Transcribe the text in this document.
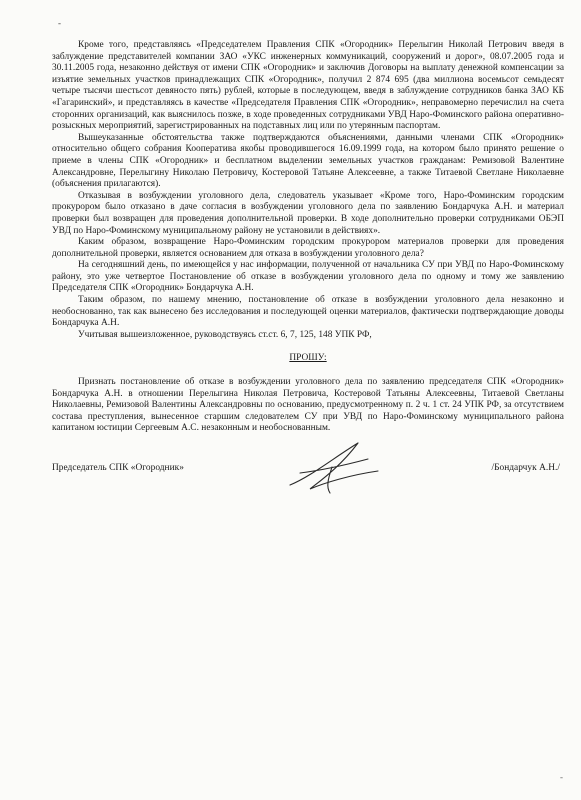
-

Кроме того, представляясь «Председателем Правления СПК «Огородник» Перелыгин Николай Петрович введя в заблуждение представителей компании ЗАО «УКС инженерных коммуникаций, сооружений и дорог», 08.07.2005 года и 30.11.2005 года, незаконно действуя от имени СПК «Огородник» и заключив Договоры на выплату денежной компенсации за изъятие земельных участков принадлежащих СПК «Огородник», получил 2 874 695 (два миллиона восемьсот семьдесят четыре тысячи шестьсот девяносто пять) рублей, которые в последующем, введя в заблуждение сотрудников банка ЗАО КБ «Гагаринский», и представляясь в качестве «Председателя Правления СПК «Огородник», неправомерно перечислил на счета сторонних организаций, как выяснилось позже, в ходе проведенных сотрудниками УВД Наро-Фоминского района оперативно-розыскных мероприятий, зарегистрированных на подставных лиц или по утерянным паспортам.

Вышеуказанные обстоятельства также подтверждаются объяснениями, данными членами СПК «Огородник» относительно общего собрания Кооператива якобы проводившегося 16.09.1999 года, на котором было принято решение о приеме в члены СПК «Огородник» и бесплатном выделении земельных участков гражданам: Ремизовой Валентине Александровне, Перелыгину Николаю Петровичу, Костеровой Татьяне Алексеевне, а также Титаевой Светлане Николаевне (объяснения прилагаются).

Отказывая в возбуждении уголовного дела, следователь указывает «Кроме того, Наро-Фоминским городским прокурором было отказано в даче согласия в возбуждении уголовного дела по заявлению Бондарчука А.Н. и материал проверки был возвращен для проведения дополнительной проверки. В ходе дополнительно проверки сотрудниками ОБЭП УВД по Наро-Фоминскому муниципальному району не установили в действиях».

Каким образом, возвращение Наро-Фоминским городским прокурором материалов проверки для проведения дополнительной проверки, является основанием для отказа в возбуждении уголовного дела?

На сегодняшний день, по имеющейся у нас информации, полученной от начальника СУ при УВД по Наро-Фоминскому району, это уже четвертое Постановление об отказе в возбуждении уголовного дела по одному и тому же заявлению Председателя СПК «Огородник» Бондарчука А.Н.

Таким образом, по нашему мнению, постановление об отказе в возбуждении уголовного дела незаконно и необоснованно, так как вынесено без исследования и последующей оценки материалов, фактически подтверждающие доводы Бондарчука А.Н.

Учитывая вышеизложенное, руководствуясь ст.ст. 6, 7, 125, 148 УПК РФ,

ПРОШУ:

Признать постановление об отказе в возбуждении уголовного дела по заявлению председателя СПК «Огородник» Бондарчука А.Н. в отношении Перелыгина Николая Петровича, Костеровой Татьяны Алексеевны, Титаевой Светланы Николаевны, Ремизовой Валентины Александровны по основанию, предусмотренному п. 2 ч. 1 ст. 24 УПК РФ, за отсутствием состава преступления, вынесенное старшим следователем СУ при УВД по Наро-Фоминскому муниципального района капитаном юстиции Сергеевым А.С. незаконным и необоснованным.

Председатель СПК «Огородник»	/Бондарчук А.Н./
-
